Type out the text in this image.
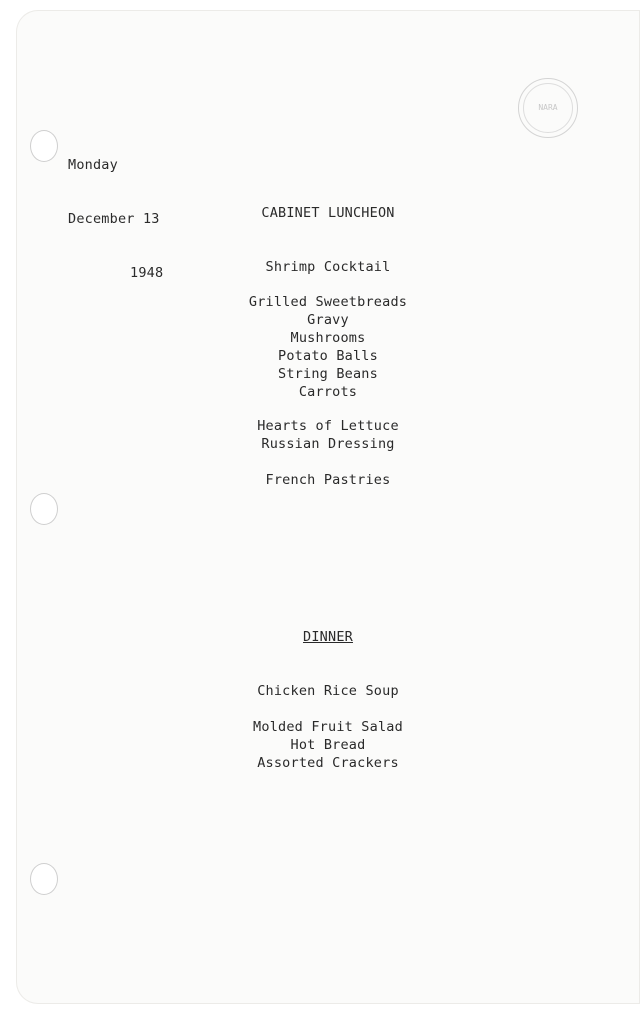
NARA

Monday

December 13

1948

CABINET LUNCHEON
Shrimp Cocktail
Grilled Sweetbreads
Gravy
Mushrooms
Potato Balls
String Beans
Carrots
Hearts of Lettuce
Russian Dressing
French Pastries
DINNER
Chicken Rice Soup
Molded Fruit Salad
Hot Bread
Assorted Crackers
